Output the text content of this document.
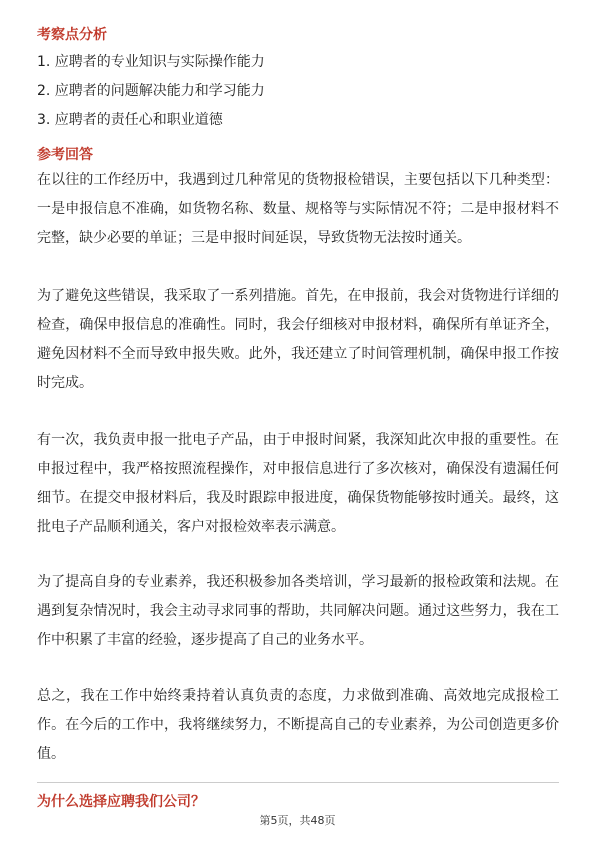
考察点分析
1. 应聘者的专业知识与实际操作能力
2. 应聘者的问题解决能力和学习能力
3. 应聘者的责任心和职业道德
参考回答
在以往的工作经历中，我遇到过几种常见的货物报检错误，主要包括以下几种类型：一是申报信息不准确，如货物名称、数量、规格等与实际情况不符；二是申报材料不完整，缺少必要的单证；三是申报时间延误，导致货物无法按时通关。
为了避免这些错误，我采取了一系列措施。首先，在申报前，我会对货物进行详细的检查，确保申报信息的准确性。同时，我会仔细核对申报材料，确保所有单证齐全，避免因材料不全而导致申报失败。此外，我还建立了时间管理机制，确保申报工作按时完成。
有一次，我负责申报一批电子产品，由于申报时间紧，我深知此次申报的重要性。在申报过程中，我严格按照流程操作，对申报信息进行了多次核对，确保没有遗漏任何细节。在提交申报材料后，我及时跟踪申报进度，确保货物能够按时通关。最终，这批电子产品顺利通关，客户对报检效率表示满意。
为了提高自身的专业素养，我还积极参加各类培训，学习最新的报检政策和法规。在遇到复杂情况时，我会主动寻求同事的帮助，共同解决问题。通过这些努力，我在工作中积累了丰富的经验，逐步提高了自己的业务水平。
总之，我在工作中始终秉持着认真负责的态度，力求做到准确、高效地完成报检工作。在今后的工作中，我将继续努力，不断提高自己的专业素养，为公司创造更多价值。
为什么选择应聘我们公司？
第5页，共48页
